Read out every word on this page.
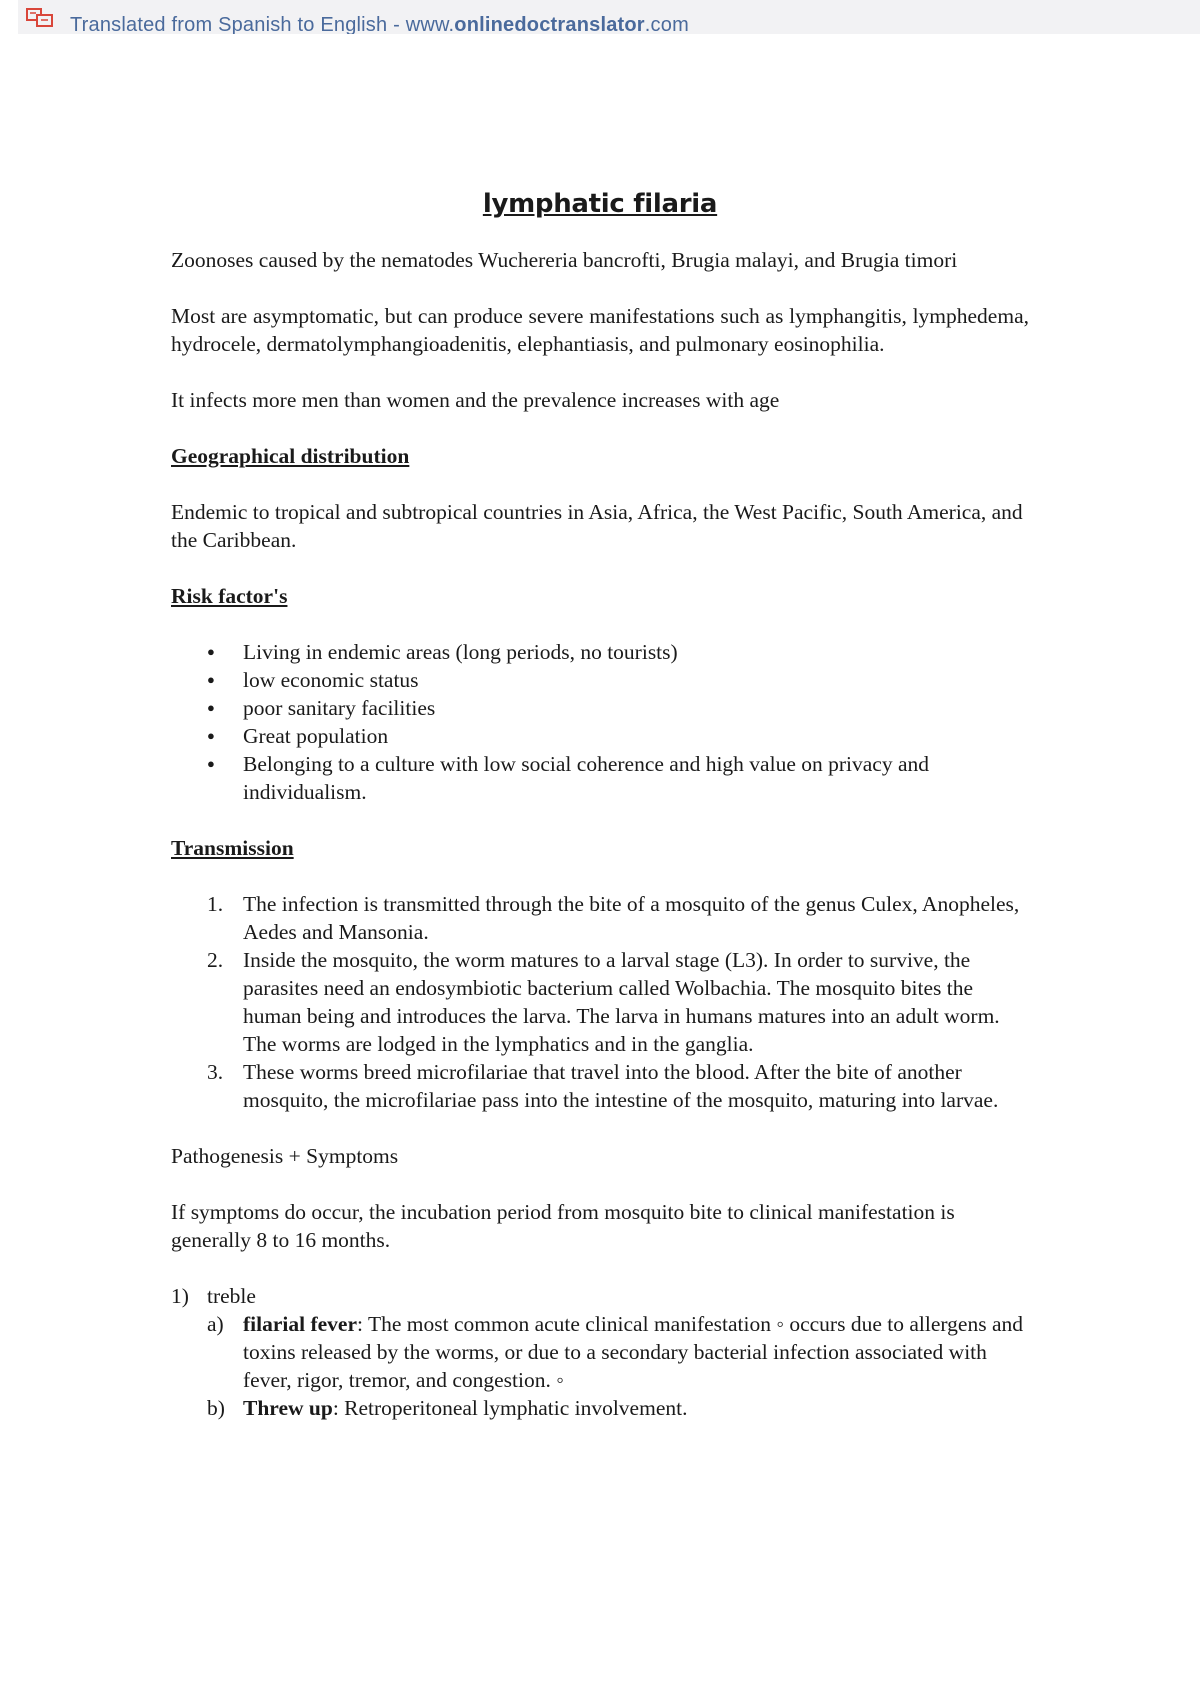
Translated from Spanish to English - www.onlinedoctranslator.com
lymphatic filaria

Zoonoses caused by the nematodes Wuchereria bancrofti, Brugia malayi, and Brugia timori

Most are asymptomatic, but can produce severe manifestations such as lymphangitis, lymphedema, hydrocele, dermatolymphangioadenitis, elephantiasis, and pulmonary eosinophilia.

It infects more men than women and the prevalence increases with age

Geographical distribution

Endemic to tropical and subtropical countries in Asia, Africa, the West Pacific, South America, and the Caribbean.

Risk factor's
● Living in endemic areas (long periods, no tourists)
● low economic status
● poor sanitary facilities
● Great population
● Belonging to a culture with low social coherence and high value on privacy and individualism.
Transmission
1. The infection is transmitted through the bite of a mosquito of the genus Culex, Anopheles, Aedes and Mansonia.
2. Inside the mosquito, the worm matures to a larval stage (L3). In order to survive, the parasites need an endosymbiotic bacterium called Wolbachia. The mosquito bites the human being and introduces the larva. The larva in humans matures into an adult worm. The worms are lodged in the lymphatics and in the ganglia.
3. These worms breed microfilariae that travel into the blood. After the bite of another mosquito, the microfilariae pass into the intestine of the mosquito, maturing into larvae.

Pathogenesis + Symptoms

If symptoms do occur, the incubation period from mosquito bite to clinical manifestation is generally 8 to 16 months.

1) treble
a) filarial fever: The most common acute clinical manifestation ◦ occurs due to allergens and toxins released by the worms, or due to a secondary bacterial infection associated with fever, rigor, tremor, and congestion. ◦
b) Threw up: Retroperitoneal lymphatic involvement.
